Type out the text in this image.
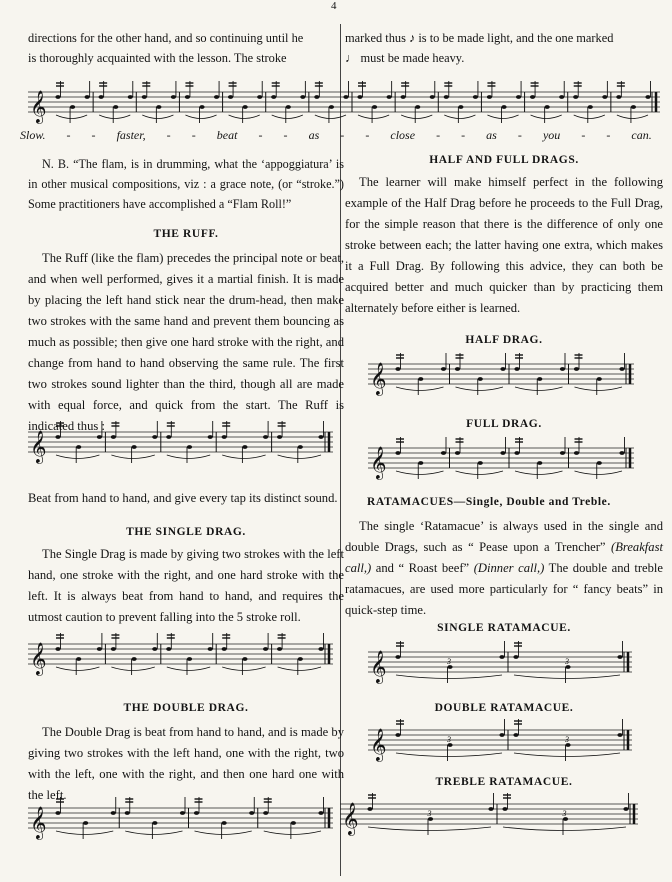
4

directions for the other hand, and so continuing until he
is thoroughly acquainted with the lesson. The stroke

N. B. “The flam, is in drumming, what the ‘appoggiatura’ is in other musical compositions, viz : a grace note, (or “stroke.”) Some practitioners have accomplished a “Flam Roll!”

THE RUFF.

The Ruff (like the flam) precedes the principal note or beat, and when well performed, gives it a martial finish. It is made by placing the left hand stick near the drum-head, then make two strokes with the same hand and prevent them bouncing as much as possible; then give one hard stroke with the right, and change from hand to hand observing the same rule. The first two strokes sound lighter than the third, though all are made with equal force, and quick from the start. The Ruff is indicated thus :

Beat from hand to hand, and give every tap its distinct sound.

THE SINGLE DRAG.

The Single Drag is made by giving two strokes with the left hand, one stroke with the right, and one hard stroke with the left. It is always beat from hand to hand, and requires the utmost caution to prevent falling into the 5 stroke roll.

THE DOUBLE DRAG.

The Double Drag is beat from hand to hand, and is made by giving two strokes with the left hand, one with the right, two with the left, one with the right, and then one hard one with the left.

marked thus ♪ is to be made light, and the one marked
♩ must be made heavy.

HALF AND FULL DRAGS.

The learner will make himself perfect in the following example of the Half Drag before he proceeds to the Full Drag, for the simple reason that there is the difference of only one stroke between each; the latter having one extra, which makes it a Full Drag. By following this advice, they can both be acquired better and much quicker than by practicing them alternately before either is learned.

HALF DRAG.
FULL DRAG.
RATAMACUES—Single, Double and Treble.

The single ‘Ratamacue’ is always used in the single and double Drags, such as “ Pease upon a Trencher” (Breakfast call,) and “ Roast beef” (Dinner call,) The double and treble ratamacues, are used more particularly for “ fancy beats” in quick-step time.

SINGLE RATAMACUE.
DOUBLE RATAMACUE.
TREBLE RATAMACUE.
Slow. - - faster, - - beat - - as - - close - - as - you - - can.
𝄞
𝄞
𝄞
𝄞
𝄞
𝄞
𝄞	3	3
𝄞	3	3
𝄞	3	3
